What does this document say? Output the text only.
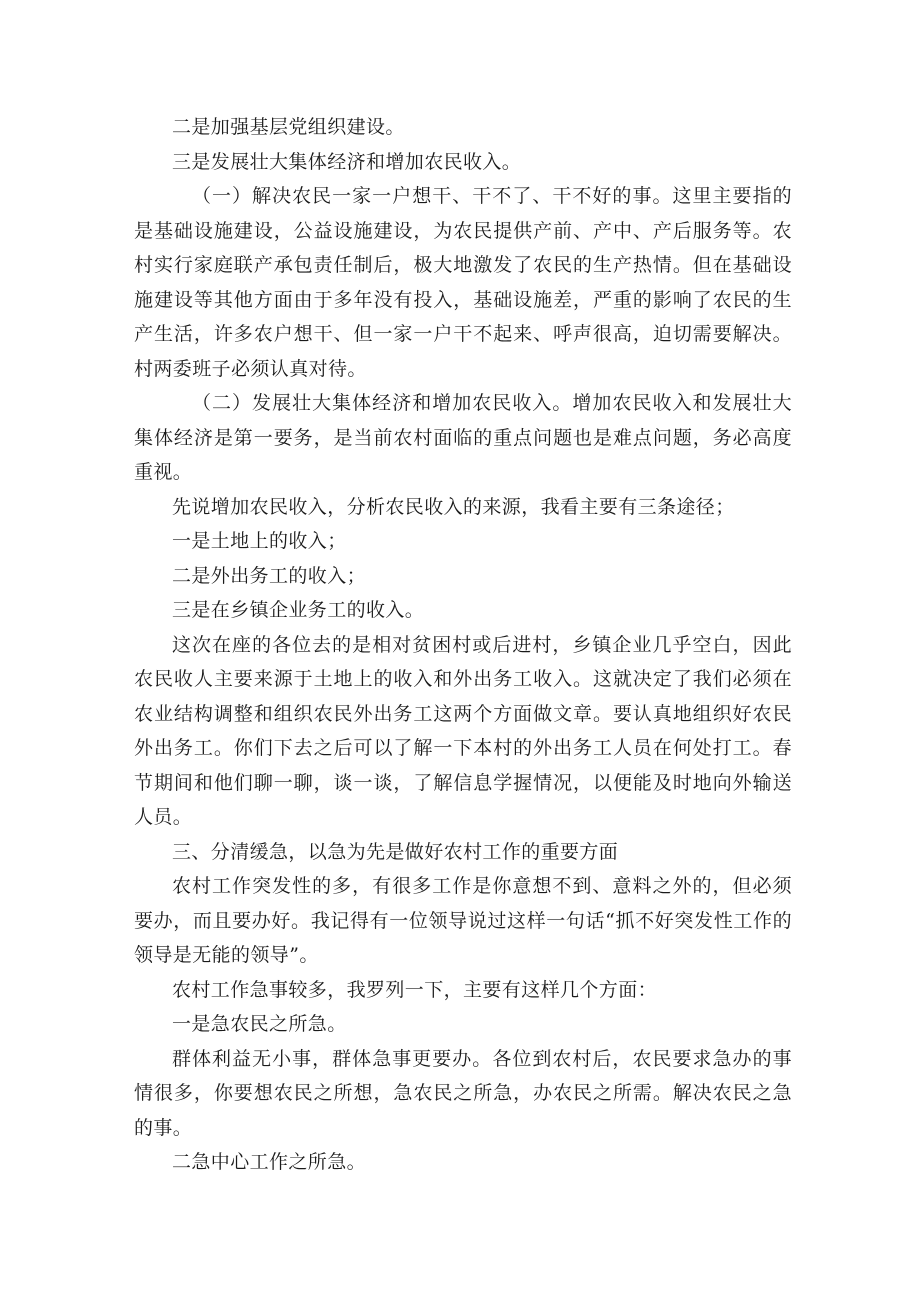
二是加强基层党组织建设。

三是发展壮大集体经济和增加农民收入。

（一）解决农民一家一户想干、干不了、干不好的事。这里主要指的是基础设施建设，公益设施建设，为农民提供产前、产中、产后服务等。农村实行家庭联产承包责任制后，极大地激发了农民的生产热情。但在基础设施建设等其他方面由于多年没有投入，基础设施差，严重的影响了农民的生产生活，许多农户想干、但一家一户干不起来、呼声很高，迫切需要解决。村两委班子必须认真对待。

（二）发展壮大集体经济和增加农民收入。增加农民收入和发展壮大集体经济是第一要务，是当前农村面临的重点问题也是难点问题，务必高度重视。

先说增加农民收入，分析农民收入的来源，我看主要有三条途径；

一是土地上的收入；

二是外出务工的收入；

三是在乡镇企业务工的收入。

这次在座的各位去的是相对贫困村或后进村，乡镇企业几乎空白，因此农民收人主要来源于土地上的收入和外出务工收入。这就决定了我们必须在农业结构调整和组织农民外出务工这两个方面做文章。要认真地组织好农民外出务工。你们下去之后可以了解一下本村的外出务工人员在何处打工。春节期间和他们聊一聊，谈一谈，了解信息学握情况，以便能及时地向外输送人员。

三、分清缓急，以急为先是做好农村工作的重要方面

农村工作突发性的多，有很多工作是你意想不到、意料之外的，但必须要办，而且要办好。我记得有一位领导说过这样一句话“抓不好突发性工作的领导是无能的领导”。

农村工作急事较多，我罗列一下，主要有这样几个方面：

一是急农民之所急。

群体利益无小事，群体急事更要办。各位到农村后，农民要求急办的事情很多，你要想农民之所想，急农民之所急，办农民之所需。解决农民之急的事。

二急中心工作之所急。
